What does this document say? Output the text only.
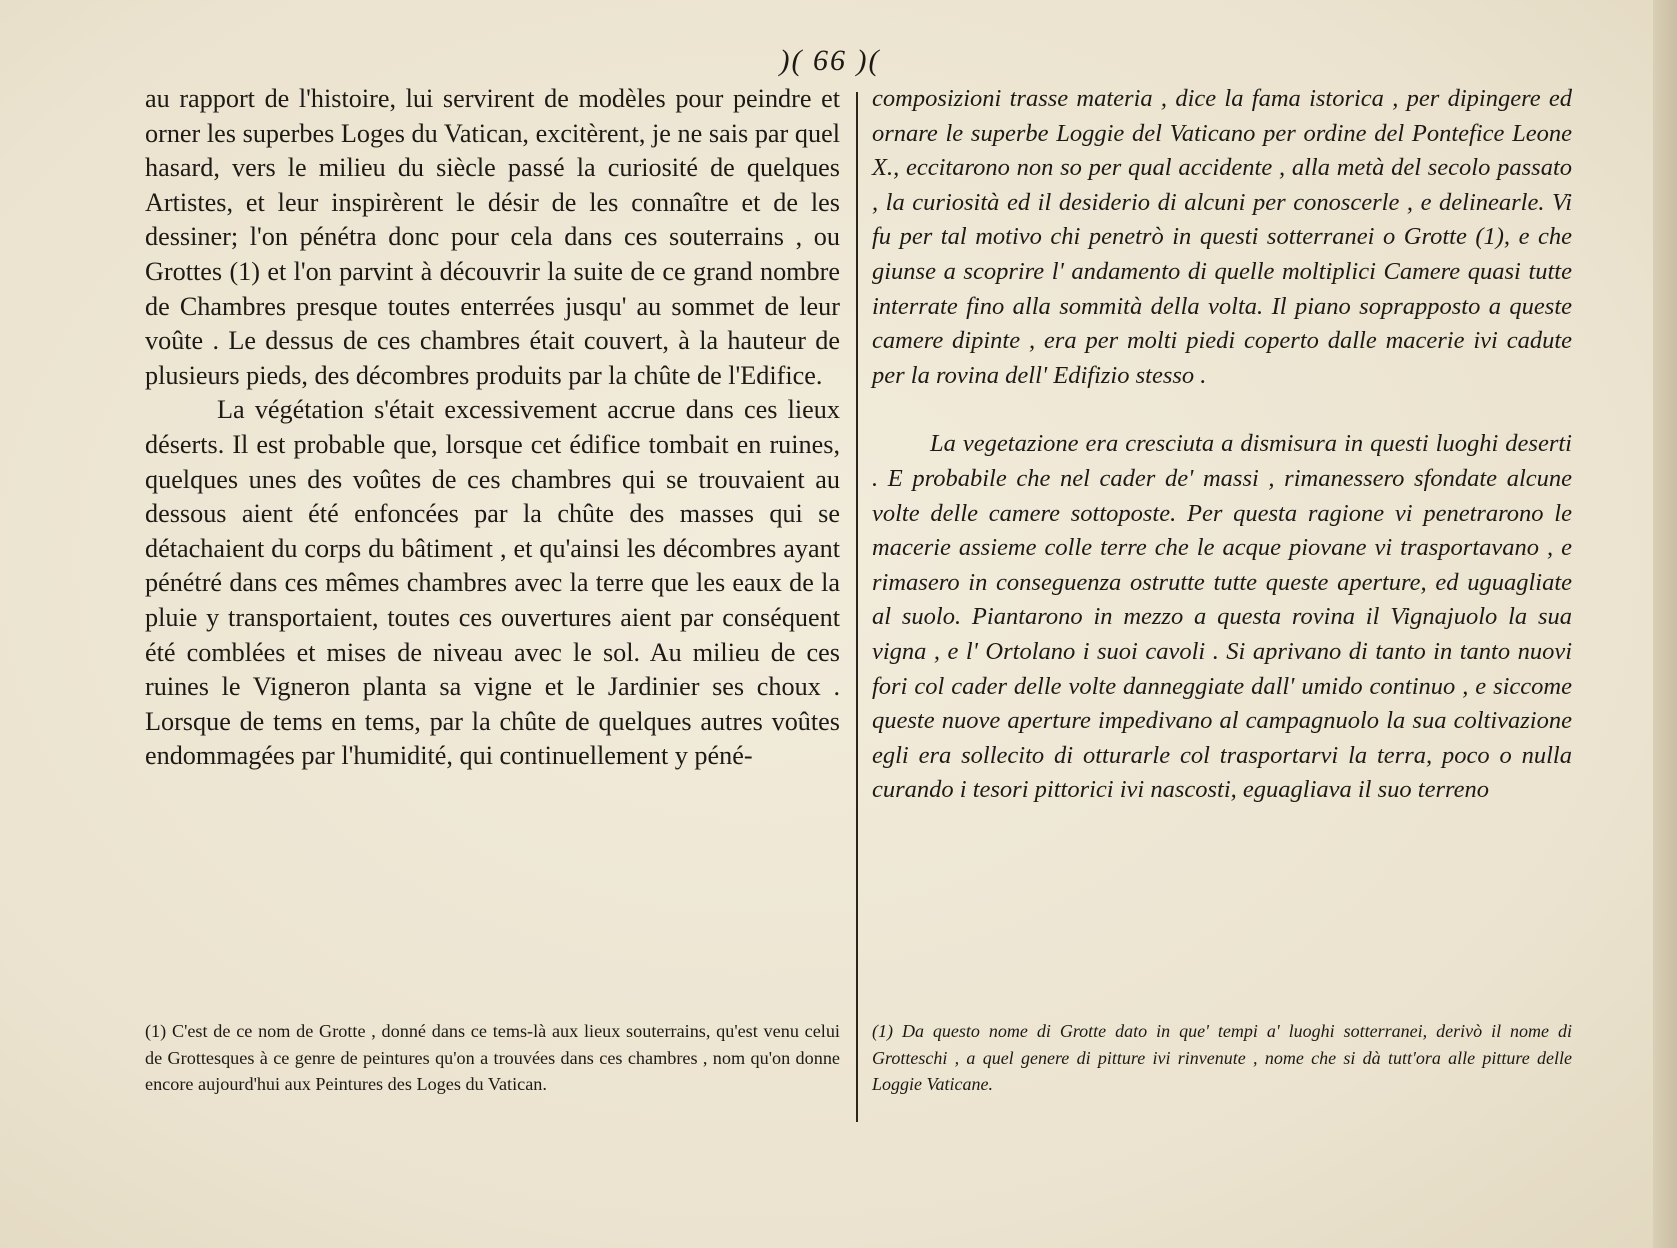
)( 66 )(

au rapport de l'histoire, lui servirent de modèles pour peindre et orner les superbes Loges du Vatican, excitèrent, je ne sais par quel hasard, vers le milieu du siècle passé la curiosité de quelques Artistes, et leur inspirèrent le désir de les connaître et de les dessiner; l'on pénétra donc pour cela dans ces souterrains , ou Grottes (1) et l'on parvint à découvrir la suite de ce grand nombre de Chambres presque toutes enterrées jusqu' au sommet de leur voûte . Le dessus de ces chambres était couvert, à la hauteur de plusieurs pieds, des décombres produits par la chûte de l'Edifice.

La végétation s'était excessivement accrue dans ces lieux déserts. Il est probable que, lorsque cet édifice tombait en ruines, quelques unes des voûtes de ces chambres qui se trouvaient au dessous aient été enfoncées par la chûte des masses qui se détachaient du corps du bâtiment , et qu'ainsi les décombres ayant pénétré dans ces mêmes chambres avec la terre que les eaux de la pluie y transportaient, toutes ces ouvertures aient par conséquent été comblées et mises de niveau avec le sol. Au milieu de ces ruines le Vigneron planta sa vigne et le Jardinier ses choux . Lorsque de tems en tems, par la chûte de quelques autres voûtes endommagées par l'humidité, qui continuellement y péné-

composizioni trasse materia , dice la fama istorica , per dipingere ed ornare le superbe Loggie del Vaticano per ordine del Pontefice Leone X., eccitarono non so per qual accidente , alla metà del secolo passato , la curiosità ed il desiderio di alcuni per conoscerle , e delinearle. Vi fu per tal motivo chi penetrò in questi sotterranei o Grotte (1), e che giunse a scoprire l' andamento di quelle moltiplici Camere quasi tutte interrate fino alla sommità della volta. Il piano soprapposto a queste camere dipinte , era per molti piedi coperto dalle macerie ivi cadute per la rovina dell' Edifizio stesso .

La vegetazione era cresciuta a dismisura in questi luoghi deserti . E probabile che nel cader de' massi , rimanessero sfondate alcune volte delle camere sottoposte. Per questa ragione vi penetrarono le macerie assieme colle terre che le acque piovane vi trasportavano , e rimasero in conseguenza ostrutte tutte queste aperture, ed uguagliate al suolo. Piantarono in mezzo a questa rovina il Vignajuolo la sua vigna , e l' Ortolano i suoi cavoli . Si aprivano di tanto in tanto nuovi fori col cader delle volte danneggiate dall' umido continuo , e siccome queste nuove aperture impedivano al campagnuolo la sua coltivazione egli era sollecito di otturarle col trasportarvi la terra, poco o nulla curando i tesori pittorici ivi nascosti, eguagliava il suo terreno

(1) C'est de ce nom de Grotte , donné dans ce tems-là aux lieux souterrains, qu'est venu celui de Grottesques à ce genre de peintures qu'on a trouvées dans ces chambres , nom qu'on donne encore aujourd'hui aux Peintures des Loges du Vatican.
(1) Da questo nome di Grotte dato in que' tempi a' luoghi sotterranei, derivò il nome di Grotteschi , a quel genere di pitture ivi rinvenute , nome che si dà tutt'ora alle pitture delle Loggie Vaticane.
